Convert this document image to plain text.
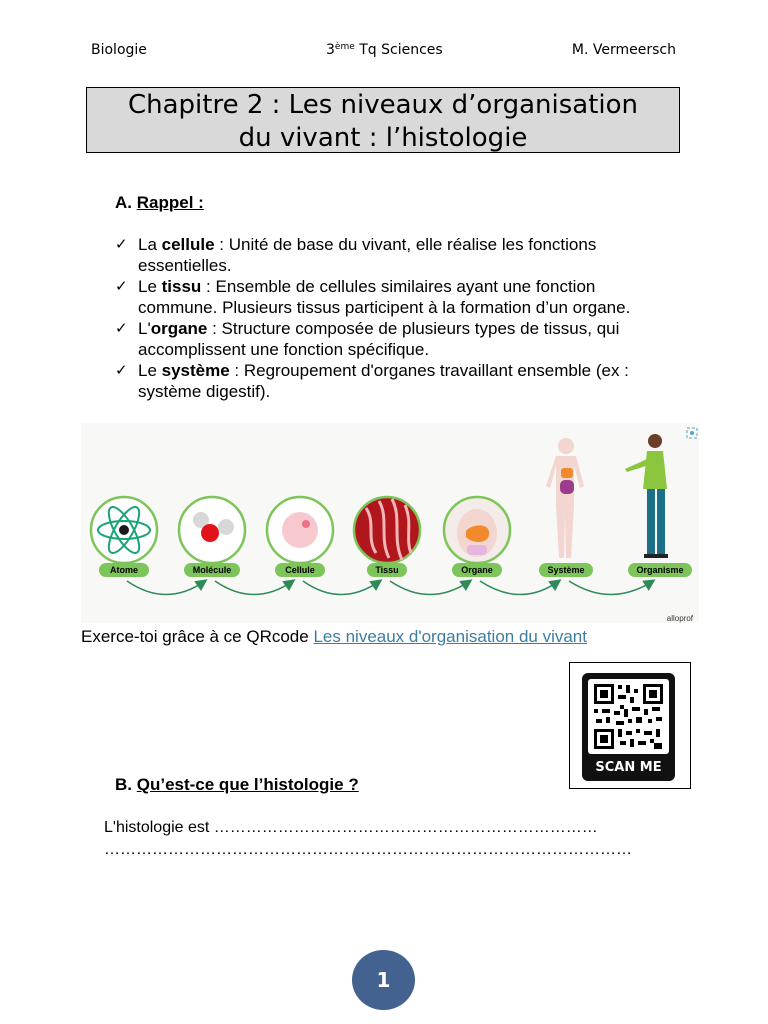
Biologie	3ème Tq Sciences	M. Vermeersch
Chapitre 2 : Les niveaux d’organisation
du vivant : l’histologie
A. Rappel :
✓ La cellule : Unité de base du vivant, elle réalise les fonctions essentielles.
✓ Le tissu : Ensemble de cellules similaires ayant une fonction commune. Plusieurs tissus participent à la formation d’un organe.
✓ L'organe : Structure composée de plusieurs types de tissus, qui accomplissent une fonction spécifique.
✓ Le système : Regroupement d'organes travaillant ensemble (ex : système digestif).
Atome	Molécule	Cellule	Tissu	Organe	Système	Organisme
alloprof
Exerce-toi grâce à ce QRcode Les niveaux d'organisation du vivant
SCAN ME
B. Qu’est-ce que l’histologie ?
L'histologie est ………………………………………………………………
………………………………………………………………………………………
1
